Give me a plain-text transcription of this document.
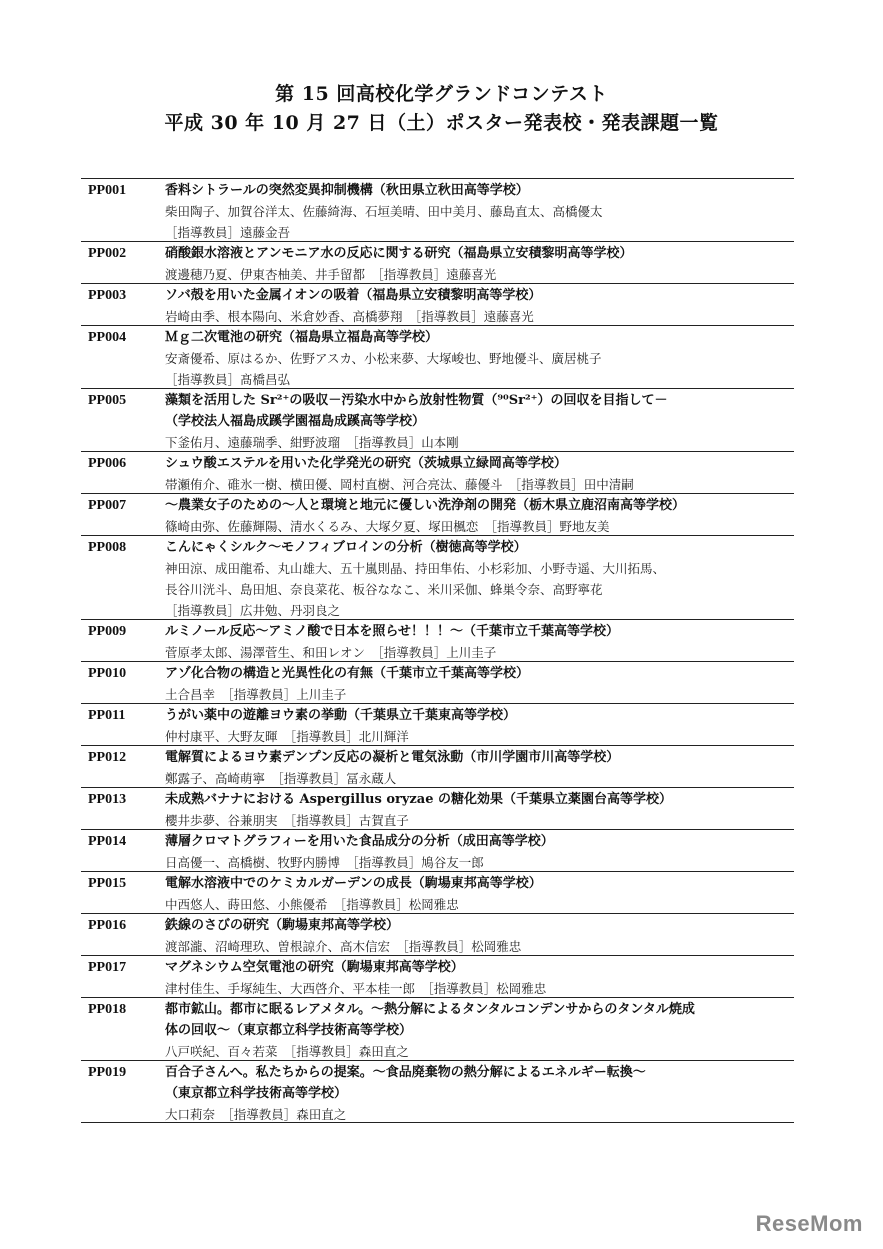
第 15 回高校化学グランドコンテスト
平成 30 年 10 月 27 日（土）ポスター発表校・発表課題一覧
PP001	香料シトラールの突然変異抑制機構（秋田県立秋田高等学校）
柴田陶子、加賀谷洋太、佐藤綺海、石垣美晴、田中美月、藤島直太、高橋優太
［指導教員］遠藤金吾
PP002	硝酸銀水溶液とアンモニア水の反応に関する研究（福島県立安積黎明高等学校）
渡邊穂乃夏、伊東杏柚美、井手留都　［指導教員］遠藤喜光
PP003	ソバ殻を用いた金属イオンの吸着（福島県立安積黎明高等学校）
岩崎由季、根本陽向、米倉妙香、高橋夢翔　［指導教員］遠藤喜光
PP004	Ｍｇ二次電池の研究（福島県立福島高等学校）
安斎優希、原はるか、佐野アスカ、小松来夢、大塚峻也、野地優斗、廣居桃子
［指導教員］髙橋昌弘
PP005	藻類を活用した Sr²⁺の吸収－汚染水中から放射性物質（⁹⁰Sr²⁺）の回収を目指して－
（学校法人福島成蹊学園福島成蹊高等学校）
下釜佑月、遠藤瑞季、紺野波瑠　［指導教員］山本剛
PP006	シュウ酸エステルを用いた化学発光の研究（茨城県立緑岡高等学校）
帯瀬侑介、碓氷一樹、横田優、岡村直樹、河合亮汰、藤優斗　［指導教員］田中清嗣
PP007	～農業女子のための～人と環境と地元に優しい洗浄剤の開発（栃木県立鹿沼南高等学校）
篠崎由弥、佐藤輝陽、清水くるみ、大塚夕夏、塚田楓恋　［指導教員］野地友美
PP008	こんにゃくシルク～モノフィブロインの分析（樹徳高等学校）
神田涼、成田龍希、丸山雄大、五十嵐則晶、持田隼佑、小杉彩加、小野寺遥、大川拓馬、
長谷川洸斗、島田旭、奈良菜花、板谷ななこ、米川采伽、蜂巣令奈、高野寧花
［指導教員］広井勉、丹羽良之
PP009	ルミノール反応～アミノ酸で日本を照らせ！！！～（千葉市立千葉高等学校）
菅原孝太郎、湯澤菅生、和田レオン　［指導教員］上川圭子
PP010	アゾ化合物の構造と光異性化の有無（千葉市立千葉高等学校）
土合昌幸　［指導教員］上川圭子
PP011	うがい薬中の遊離ヨウ素の挙動（千葉県立千葉東高等学校）
仲村康平、大野友暉　［指導教員］北川輝洋
PP012	電解質によるヨウ素デンプン反応の凝析と電気泳動（市川学園市川高等学校）
鄭露子、高崎萌寧　［指導教員］冨永蔵人
PP013	未成熟バナナにおける Aspergillus oryzae の糖化効果（千葉県立薬園台高等学校）
櫻井歩夢、谷兼朋実　［指導教員］古賀直子
PP014	薄層クロマトグラフィーを用いた食品成分の分析（成田高等学校）
日高優一、高橋樹、牧野内勝博　［指導教員］鳩谷友一郎
PP015	電解水溶液中でのケミカルガーデンの成長（駒場東邦高等学校）
中西悠人、蒔田悠、小熊優希　［指導教員］松岡雅忠
PP016	鉄線のさびの研究（駒場東邦高等学校）
渡部瀧、沼崎理玖、曽根諒介、高木信宏　［指導教員］松岡雅忠
PP017	マグネシウム空気電池の研究（駒場東邦高等学校）
津村佳生、手塚純生、大西啓介、平本桂一郎　［指導教員］松岡雅忠
PP018	都市鉱山。都市に眠るレアメタル。～熱分解によるタンタルコンデンサからのタンタル焼成
体の回収～（東京都立科学技術高等学校）
八戸咲紀、百々若菜　［指導教員］森田直之
PP019	百合子さんへ。私たちからの提案。～食品廃棄物の熱分解によるエネルギー転換～
（東京都立科学技術高等学校）
大口莉奈　［指導教員］森田直之
ReseMom
